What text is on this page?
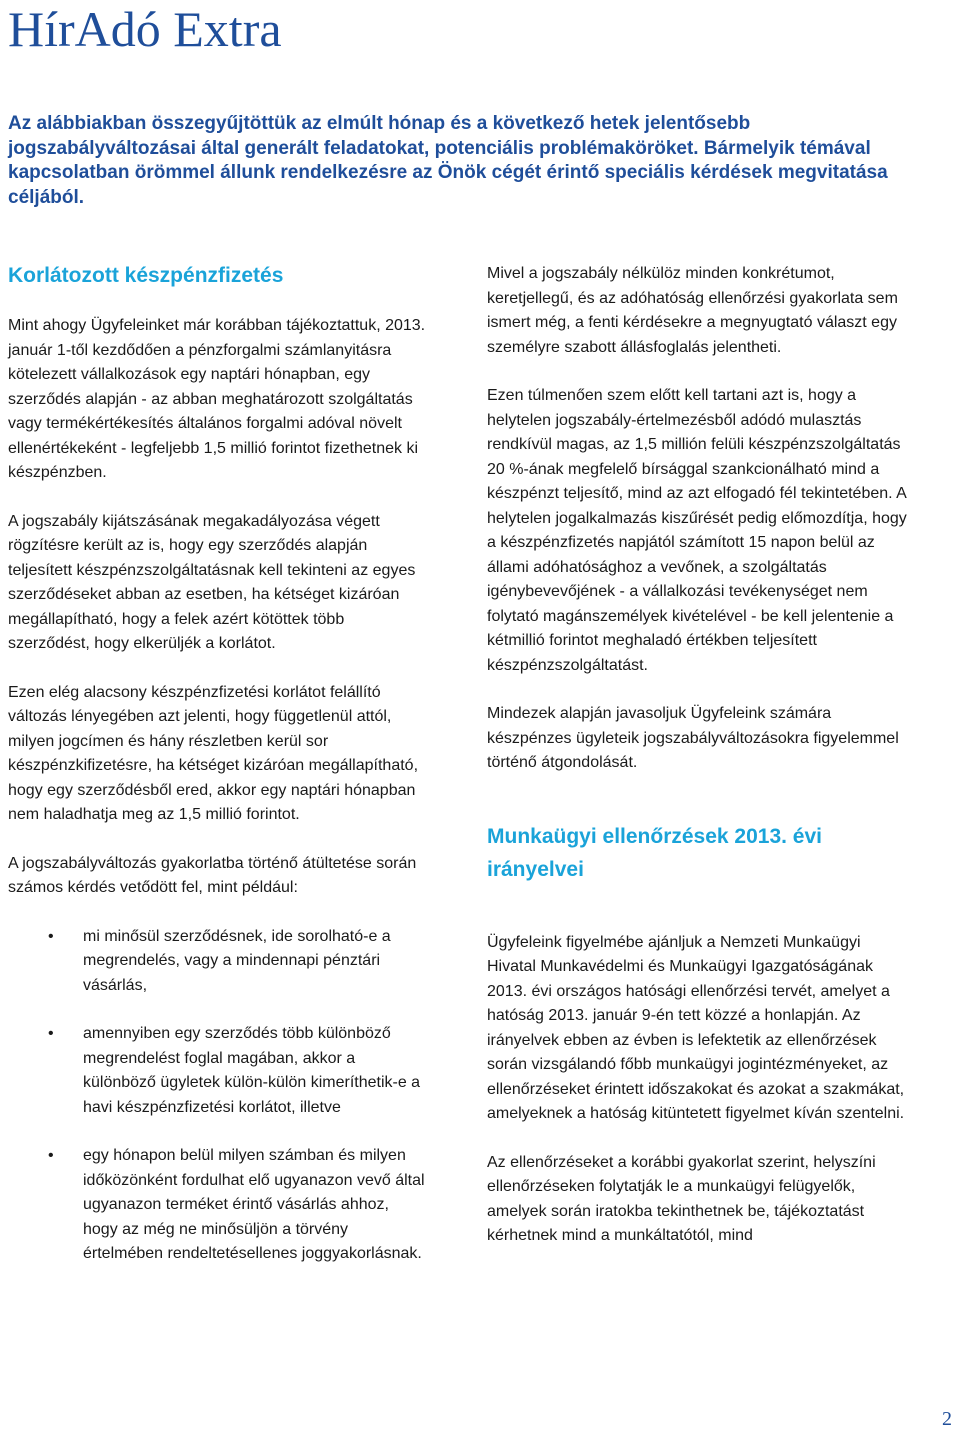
HírAdó Extra

Az alábbiakban összegyűjtöttük az elmúlt hónap és a következő hetek jelentősebb jogszabályváltozásai által generált feladatokat, potenciális problémaköröket. Bármelyik témával kapcsolatban örömmel állunk rendelkezésre az Önök cégét érintő speciális kérdések megvitatása céljából.

Korlátozott készpénzfizetés

Mint ahogy Ügyfeleinket már korábban tájékoztattuk, 2013. január 1-től kezdődően a pénzforgalmi számlanyitásra kötelezett vállalkozások egy naptári hónapban, egy szerződés alapján - az abban meghatározott szolgáltatás vagy termékértékesítés általános forgalmi adóval növelt ellenértékeként - legfeljebb 1,5 millió forintot fizethetnek ki készpénzben.

A jogszabály kijátszásának megakadályozása végett rögzítésre került az is, hogy egy szerződés alapján teljesített készpénzszolgáltatásnak kell tekinteni az egyes szerződéseket abban az esetben, ha kétséget kizáróan megállapítható, hogy a felek azért kötöttek több szerződést, hogy elkerüljék a korlátot.

Ezen elég alacsony készpénzfizetési korlátot felállító változás lényegében azt jelenti, hogy függetlenül attól, milyen jogcímen és hány részletben kerül sor készpénzkifizetésre, ha kétséget kizáróan megállapítható, hogy egy szerződésből ered, akkor egy naptári hónapban nem haladhatja meg az 1,5 millió forintot.

A jogszabályváltozás gyakorlatba történő átültetése során számos kérdés vetődött fel, mint például:

• mi minősül szerződésnek, ide sorolható-e a megrendelés, vagy a mindennapi pénztári vásárlás,
• amennyiben egy szerződés több különböző megrendelést foglal magában, akkor a különböző ügyletek külön-külön kimeríthetik-e a havi készpénzfizetési korlátot, illetve
• egy hónapon belül milyen számban és milyen időközönként fordulhat elő ugyanazon vevő által ugyanazon terméket érintő vásárlás ahhoz, hogy az még ne minősüljön a törvény értelmében rendeltetésellenes joggyakorlásnak.

Mivel a jogszabály nélkülöz minden konkrétumot, keretjellegű, és az adóhatóság ellenőrzési gyakorlata sem ismert még, a fenti kérdésekre a megnyugtató választ egy személyre szabott állásfoglalás jelentheti.

Ezen túlmenően szem előtt kell tartani azt is, hogy a helytelen jogszabály-értelmezésből adódó mulasztás rendkívül magas, az 1,5 millión felüli készpénzszolgáltatás 20 %-ának megfelelő bírsággal szankcionálható mind a készpénzt teljesítő, mind az azt elfogadó fél tekintetében. A helytelen jogalkalmazás kiszűrését pedig előmozdítja, hogy a készpénzfizetés napjától számított 15 napon belül az állami adóhatósághoz a vevőnek, a szolgáltatás igénybevevőjének - a vállalkozási tevékenységet nem folytató magánszemélyek kivételével - be kell jelentenie a kétmillió forintot meghaladó értékben teljesített készpénzszolgáltatást.

Mindezek alapján javasoljuk Ügyfeleink számára készpénzes ügyleteik jogszabályváltozásokra figyelemmel történő átgondolását.

Munkaügyi ellenőrzések 2013. évi irányelvei

Ügyfeleink figyelmébe ajánljuk a Nemzeti Munkaügyi Hivatal Munkavédelmi és Munkaügyi Igazgatóságának 2013. évi országos hatósági ellenőrzési tervét, amelyet a hatóság 2013. január 9-én tett közzé a honlapján. Az irányelvek ebben az évben is lefektetik az ellenőrzések során vizsgálandó főbb munkaügyi jogintézményeket, az ellenőrzéseket érintett időszakokat és azokat a szakmákat, amelyeknek a hatóság kitüntetett figyelmet kíván szentelni.

Az ellenőrzéseket a korábbi gyakorlat szerint, helyszíni ellenőrzéseken folytatják le a munkaügyi felügyelők, amelyek során iratokba tekinthetnek be, tájékoztatást kérhetnek mind a munkáltatótól, mind

2
